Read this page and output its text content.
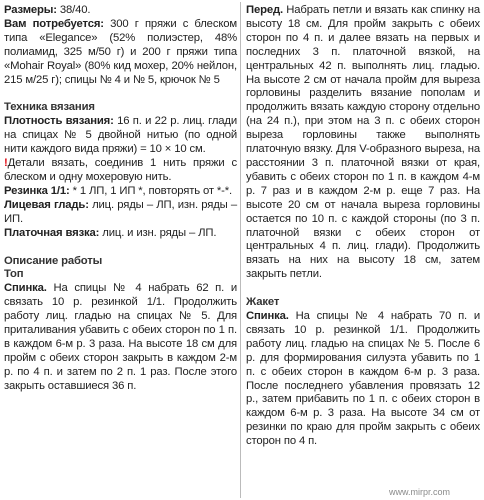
Размеры: 38/40.

Вам потребуется: 300 г пряжи с блеском типа «Elegance» (52% полиэстер, 48% полиамид, 325 м/50 г) и 200 г пряжи типа «Mohair Royal» (80% кид мохер, 20% нейлон, 215 м/25 г); спицы № 4 и № 5, крючок № 5

Техника вязания

Плотность вязания: 16 п. и 22 р. лиц. глади на спицах № 5 двойной нитью (по одной нити каждого вида пряжи) = 10 × 10 см.

!Детали вязать, соединив 1 нить пряжи с блеском и одну мохеровую нить.

Резинка 1/1: * 1 ЛП, 1 ИП *, повторять от *-*.

Лицевая гладь: лиц. ряды – ЛП, изн. ряды – ИП.

Платочная вязка: лиц. и изн. ряды – ЛП.

Описание работы

Топ

Спинка. На спицы № 4 набрать 62 п. и связать 10 р. резинкой 1/1. Продолжить работу лиц. гладью на спицах № 5. Для приталивания убавить с обеих сторон по 1 п. в каждом 6-м р. 3 раза. На высоте 18 см для пройм с обеих сторон закрыть в каждом 2-м р. по 4 п. и затем по 2 п. 1 раз. После этого закрыть оставшиеся 36 п.

Перед. Набрать петли и вязать как спинку на высоту 18 см. Для пройм закрыть с обеих сторон по 4 п. и далее вязать на первых и последних 3 п. платочной вязкой, на центральных 42 п. выполнять лиц. гладью. На высоте 2 см от начала пройм для выреза горловины разделить вязание пополам и продолжить вязать каждую сторону отдельно (на 24 п.), при этом на 3 п. с обеих сторон выреза горловины также выполнять платочную вязку. Для V-образного выреза, на расстоянии 3 п. платочной вязки от края, убавить с обеих сторон по 1 п. в каждом 4-м р. 7 раз и в каждом 2-м р. еще 7 раз. На высоте 20 см от начала выреза горловины остается по 10 п. с каждой стороны (по 3 п. платочной вязки с обеих сторон от центральных 4 п. лиц. глади). Продолжить вязать на них на высоту 18 см, затем закрыть петли.

Жакет

Спинка. На спицы № 4 набрать 70 п. и связать 10 р. резинкой 1/1. Продолжить работу лиц. гладью на спицах № 5. После 6 р. для формирования силуэта убавить по 1 п. с обеих сторон в каждом 6-м р. 3 раза. После последнего убавления провязать 12 р., затем прибавить по 1 п. с обеих сторон в каждом 6-м р. 3 раза. На высоте 34 см от резинки по краю для пройм закрыть с обеих сторон по 4 п.

www.mirpr.com
